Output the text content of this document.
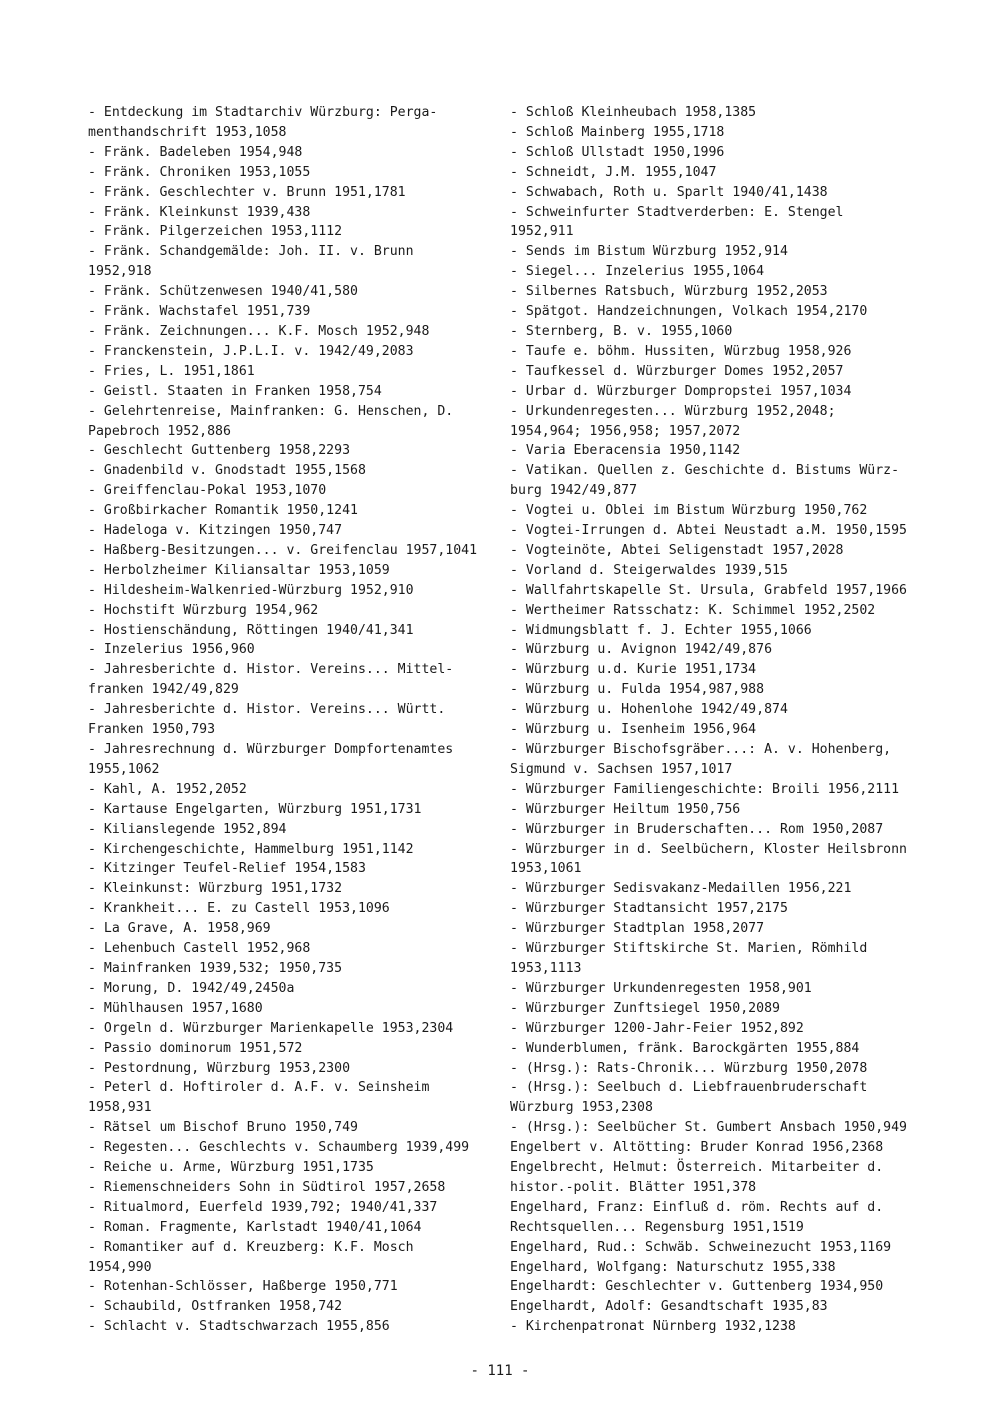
- Entdeckung im Stadtarchiv Würzburg: Perga-
menthandschrift 1953,1058

- Fränk. Badeleben 1954,948

- Fränk. Chroniken 1953,1055

- Fränk. Geschlechter v. Brunn 1951,1781

- Fränk. Kleinkunst 1939,438

- Fränk. Pilgerzeichen 1953,1112

- Fränk. Schandgemälde: Joh. II. v. Brunn
1952,918

- Fränk. Schützenwesen 1940/41,580

- Fränk. Wachstafel 1951,739

- Fränk. Zeichnungen... K.F. Mosch 1952,948

- Franckenstein, J.P.L.I. v. 1942/49,2083

- Fries, L. 1951,1861

- Geistl. Staaten in Franken 1958,754

- Gelehrtenreise, Mainfranken: G. Henschen, D.
Papebroch 1952,886

- Geschlecht Guttenberg 1958,2293

- Gnadenbild v. Gnodstadt 1955,1568

- Greiffenclau-Pokal 1953,1070

- Großbirkacher Romantik 1950,1241

- Hadeloga v. Kitzingen 1950,747

- Haßberg-Besitzungen... v. Greifenclau 1957,1041

- Herbolzheimer Kiliansaltar 1953,1059

- Hildesheim-Walkenried-Würzburg 1952,910

- Hochstift Würzburg 1954,962

- Hostienschändung, Röttingen 1940/41,341

- Inzelerius 1956,960

- Jahresberichte d. Histor. Vereins... Mittel-
franken 1942/49,829

- Jahresberichte d. Histor. Vereins... Württ.
Franken 1950,793

- Jahresrechnung d. Würzburger Dompfortenamtes
1955,1062

- Kahl, A. 1952,2052

- Kartause Engelgarten, Würzburg 1951,1731

- Kilianslegende 1952,894

- Kirchengeschichte, Hammelburg 1951,1142

- Kitzinger Teufel-Relief 1954,1583

- Kleinkunst: Würzburg 1951,1732

- Krankheit... E. zu Castell 1953,1096

- La Grave, A. 1958,969

- Lehenbuch Castell 1952,968

- Mainfranken 1939,532; 1950,735

- Morung, D. 1942/49,2450a

- Mühlhausen 1957,1680

- Orgeln d. Würzburger Marienkapelle 1953,2304

- Passio dominorum 1951,572

- Pestordnung, Würzburg 1953,2300

- Peterl d. Hoftiroler d. A.F. v. Seinsheim
1958,931

- Rätsel um Bischof Bruno 1950,749

- Regesten... Geschlechts v. Schaumberg 1939,499

- Reiche u. Arme, Würzburg 1951,1735

- Riemenschneiders Sohn in Südtirol 1957,2658

- Ritualmord, Euerfeld 1939,792; 1940/41,337

- Roman. Fragmente, Karlstadt 1940/41,1064

- Romantiker auf d. Kreuzberg: K.F. Mosch
1954,990

- Rotenhan-Schlösser, Haßberge 1950,771

- Schaubild, Ostfranken 1958,742

- Schlacht v. Stadtschwarzach 1955,856

- Schloß Kleinheubach 1958,1385

- Schloß Mainberg 1955,1718

- Schloß Ullstadt 1950,1996

- Schneidt, J.M. 1955,1047

- Schwabach, Roth u. Sparlt 1940/41,1438

- Schweinfurter Stadtverderben: E. Stengel
1952,911

- Sends im Bistum Würzburg 1952,914

- Siegel... Inzelerius 1955,1064

- Silbernes Ratsbuch, Würzburg 1952,2053

- Spätgot. Handzeichnungen, Volkach 1954,2170

- Sternberg, B. v. 1955,1060

- Taufe e. böhm. Hussiten, Würzbug 1958,926

- Taufkessel d. Würzburger Domes 1952,2057

- Urbar d. Würzburger Dompropstei 1957,1034

- Urkundenregesten... Würzburg 1952,2048;
1954,964; 1956,958; 1957,2072

- Varia Eberacensia 1950,1142

- Vatikan. Quellen z. Geschichte d. Bistums Würz-
burg 1942/49,877

- Vogtei u. Oblei im Bistum Würzburg 1950,762

- Vogtei-Irrungen d. Abtei Neustadt a.M. 1950,1595

- Vogteinöte, Abtei Seligenstadt 1957,2028

- Vorland d. Steigerwaldes 1939,515

- Wallfahrtskapelle St. Ursula, Grabfeld 1957,1966

- Wertheimer Ratsschatz: K. Schimmel 1952,2502

- Widmungsblatt f. J. Echter 1955,1066

- Würzburg u. Avignon 1942/49,876

- Würzburg u.d. Kurie 1951,1734

- Würzburg u. Fulda 1954,987,988

- Würzburg u. Hohenlohe 1942/49,874

- Würzburg u. Isenheim 1956,964

- Würzburger Bischofsgräber...: A. v. Hohenberg,
Sigmund v. Sachsen 1957,1017

- Würzburger Familiengeschichte: Broili 1956,2111

- Würzburger Heiltum 1950,756

- Würzburger in Bruderschaften... Rom 1950,2087

- Würzburger in d. Seelbüchern, Kloster Heilsbronn
1953,1061

- Würzburger Sedisvakanz-Medaillen 1956,221

- Würzburger Stadtansicht 1957,2175

- Würzburger Stadtplan 1958,2077

- Würzburger Stiftskirche St. Marien, Römhild
1953,1113

- Würzburger Urkundenregesten 1958,901

- Würzburger Zunftsiegel 1950,2089

- Würzburger 1200-Jahr-Feier 1952,892

- Wunderblumen, fränk. Barockgärten 1955,884

- (Hrsg.): Rats-Chronik... Würzburg 1950,2078

- (Hrsg.): Seelbuch d. Liebfrauenbruderschaft
Würzburg 1953,2308

- (Hrsg.): Seelbücher St. Gumbert Ansbach 1950,949

Engelbert v. Altötting: Bruder Konrad 1956,2368

Engelbrecht, Helmut: Österreich. Mitarbeiter d.
histor.-polit. Blätter 1951,378

Engelhard, Franz: Einfluß d. röm. Rechts auf d.
Rechtsquellen... Regensburg 1951,1519

Engelhard, Rud.: Schwäb. Schweinezucht 1953,1169

Engelhard, Wolfgang: Naturschutz 1955,338

Engelhardt: Geschlechter v. Guttenberg 1934,950

Engelhardt, Adolf: Gesandtschaft 1935,83

- Kirchenpatronat Nürnberg 1932,1238

- 111 -
